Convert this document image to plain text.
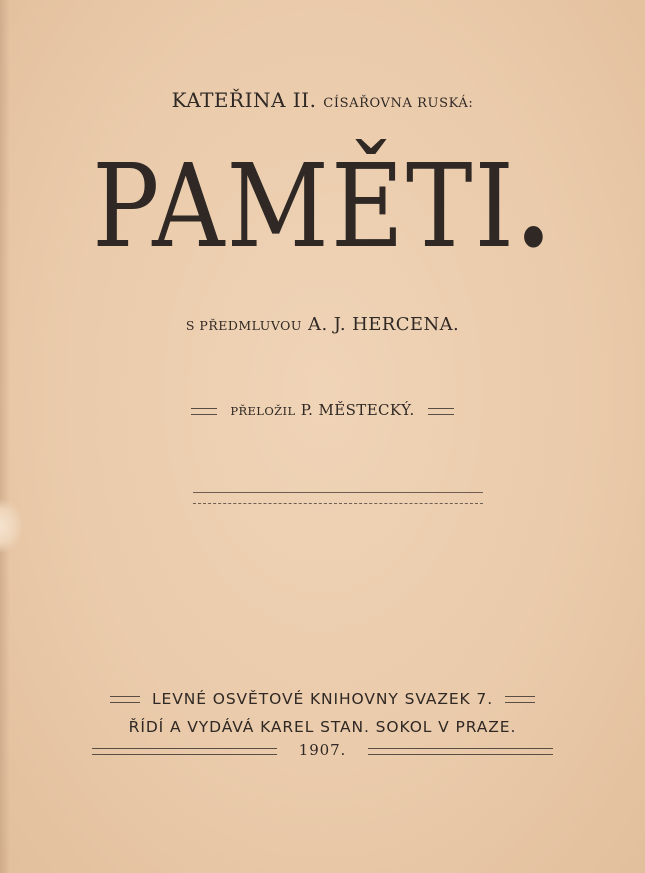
KATEŘINA II. CÍSAŘOVNA RUSKÁ:
PAMĚTI.
S PŘEDMLUVOU A. J. HERCENA.
PŘELOŽIL P. MĚSTECKÝ.
LEVNÉ OSVĚTOVÉ KNIHOVNY SVAZEK 7.
ŘÍDÍ A VYDÁVÁ KAREL STAN. SOKOL V PRAZE.
1907.
